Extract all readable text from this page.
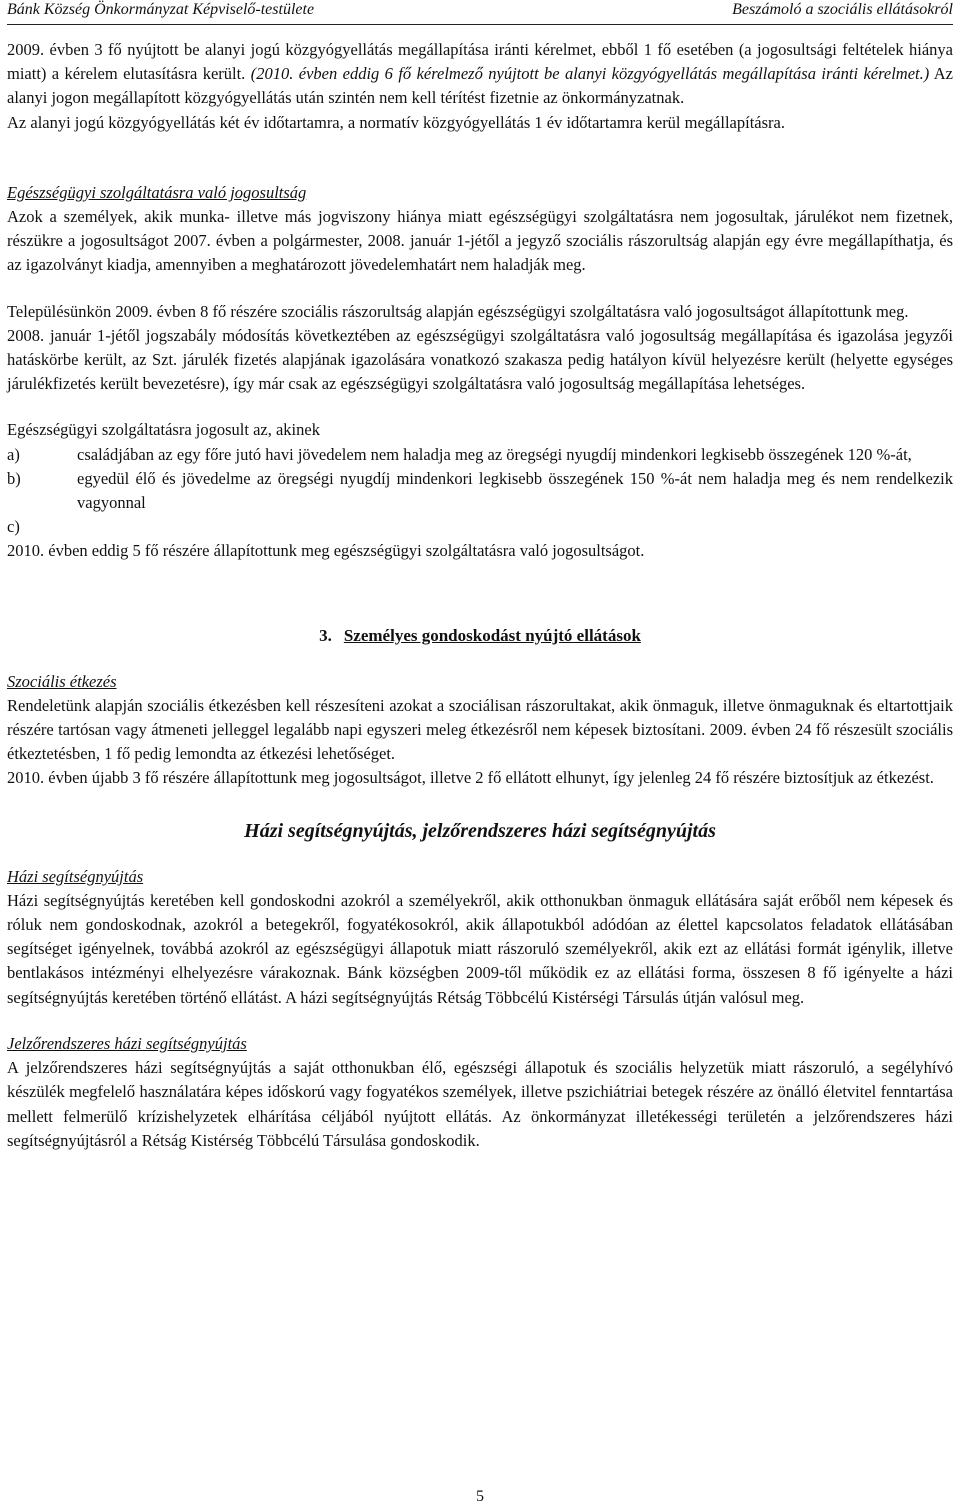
Bánk Község Önkormányzat Képviselő-testülete	Beszámoló a szociális ellátásokról

2009. évben 3 fő nyújtott be alanyi jogú közgyógyellátás megállapítása iránti kérelmet, ebből 1 fő esetében (a jogosultsági feltételek hiánya miatt) a kérelem elutasításra került. (2010. évben eddig 6 fő kérelmező nyújtott be alanyi közgyógyellátás megállapítása iránti kérelmet.) Az alanyi jogon megállapított közgyógyellátás után szintén nem kell térítést fizetnie az önkormányzatnak.

Az alanyi jogú közgyógyellátás két év időtartamra, a normatív közgyógyellátás 1 év időtartamra kerül megállapításra.

Egészségügyi szolgáltatásra való jogosultság

Azok a személyek, akik munka- illetve más jogviszony hiánya miatt egészségügyi szolgáltatásra nem jogosultak, járulékot nem fizetnek, részükre a jogosultságot 2007. évben a polgármester, 2008. január 1-jétől a jegyző szociális rászorultság alapján egy évre megállapíthatja, és az igazolványt kiadja, amennyiben a meghatározott jövedelemhatárt nem haladják meg.

Településünkön 2009. évben 8 fő részére szociális rászorultság alapján egészségügyi szolgáltatásra való jogosultságot állapítottunk meg.

2008. január 1-jétől jogszabály módosítás következtében az egészségügyi szolgáltatásra való jogosultság megállapítása és igazolása jegyzői hatáskörbe került, az Szt. járulék fizetés alapjának igazolására vonatkozó szakasza pedig hatályon kívül helyezésre került (helyette egységes járulékfizetés került bevezetésre), így már csak az egészségügyi szolgáltatásra való jogosultság megállapítása lehetséges.

Egészségügyi szolgáltatásra jogosult az, akinek

a)	családjában az egy főre jutó havi jövedelem nem haladja meg az öregségi nyugdíj mindenkori legkisebb összegének 120 %-át,
b)	egyedül élő és jövedelme az öregségi nyugdíj mindenkori legkisebb összegének 150 %-át nem haladja meg és nem rendelkezik vagyonnal
c)

2010. évben eddig 5 fő részére állapítottunk meg egészségügyi szolgáltatásra való jogosultságot.

3. Személyes gondoskodást nyújtó ellátások

Szociális étkezés

Rendeletünk alapján szociális étkezésben kell részesíteni azokat a szociálisan rászorultakat, akik önmaguk, illetve önmaguknak és eltartottjaik részére tartósan vagy átmeneti jelleggel legalább napi egyszeri meleg étkezésről nem képesek biztosítani. 2009. évben 24 fő részesült szociális étkeztetésben, 1 fő pedig lemondta az étkezési lehetőséget.

2010. évben újabb 3 fő részére állapítottunk meg jogosultságot, illetve 2 fő ellátott elhunyt, így jelenleg 24 fő részére biztosítjuk az étkezést.

Házi segítségnyújtás, jelzőrendszeres házi segítségnyújtás

Házi segítségnyújtás

Házi segítségnyújtás keretében kell gondoskodni azokról a személyekről, akik otthonukban önmaguk ellátására saját erőből nem képesek és róluk nem gondoskodnak, azokról a betegekről, fogyatékosokról, akik állapotukból adódóan az élettel kapcsolatos feladatok ellátásában segítséget igényelnek, továbbá azokról az egészségügyi állapotuk miatt rászoruló személyekről, akik ezt az ellátási formát igénylik, illetve bentlakásos intézményi elhelyezésre várakoznak. Bánk községben 2009-től működik ez az ellátási forma, összesen 8 fő igényelte a házi segítségnyújtás keretében történő ellátást. A házi segítségnyújtás Rétság Többcélú Kistérségi Társulás útján valósul meg.

Jelzőrendszeres házi segítségnyújtás

A jelzőrendszeres házi segítségnyújtás a saját otthonukban élő, egészségi állapotuk és szociális helyzetük miatt rászoruló, a segélyhívó készülék megfelelő használatára képes időskorú vagy fogyatékos személyek, illetve pszichiátriai betegek részére az önálló életvitel fenntartása mellett felmerülő krízishelyzetek elhárítása céljából nyújtott ellátás. Az önkormányzat illetékességi területén a jelzőrendszeres házi segítségnyújtásról a Rétság Kistérség Többcélú Társulása gondoskodik.

5
